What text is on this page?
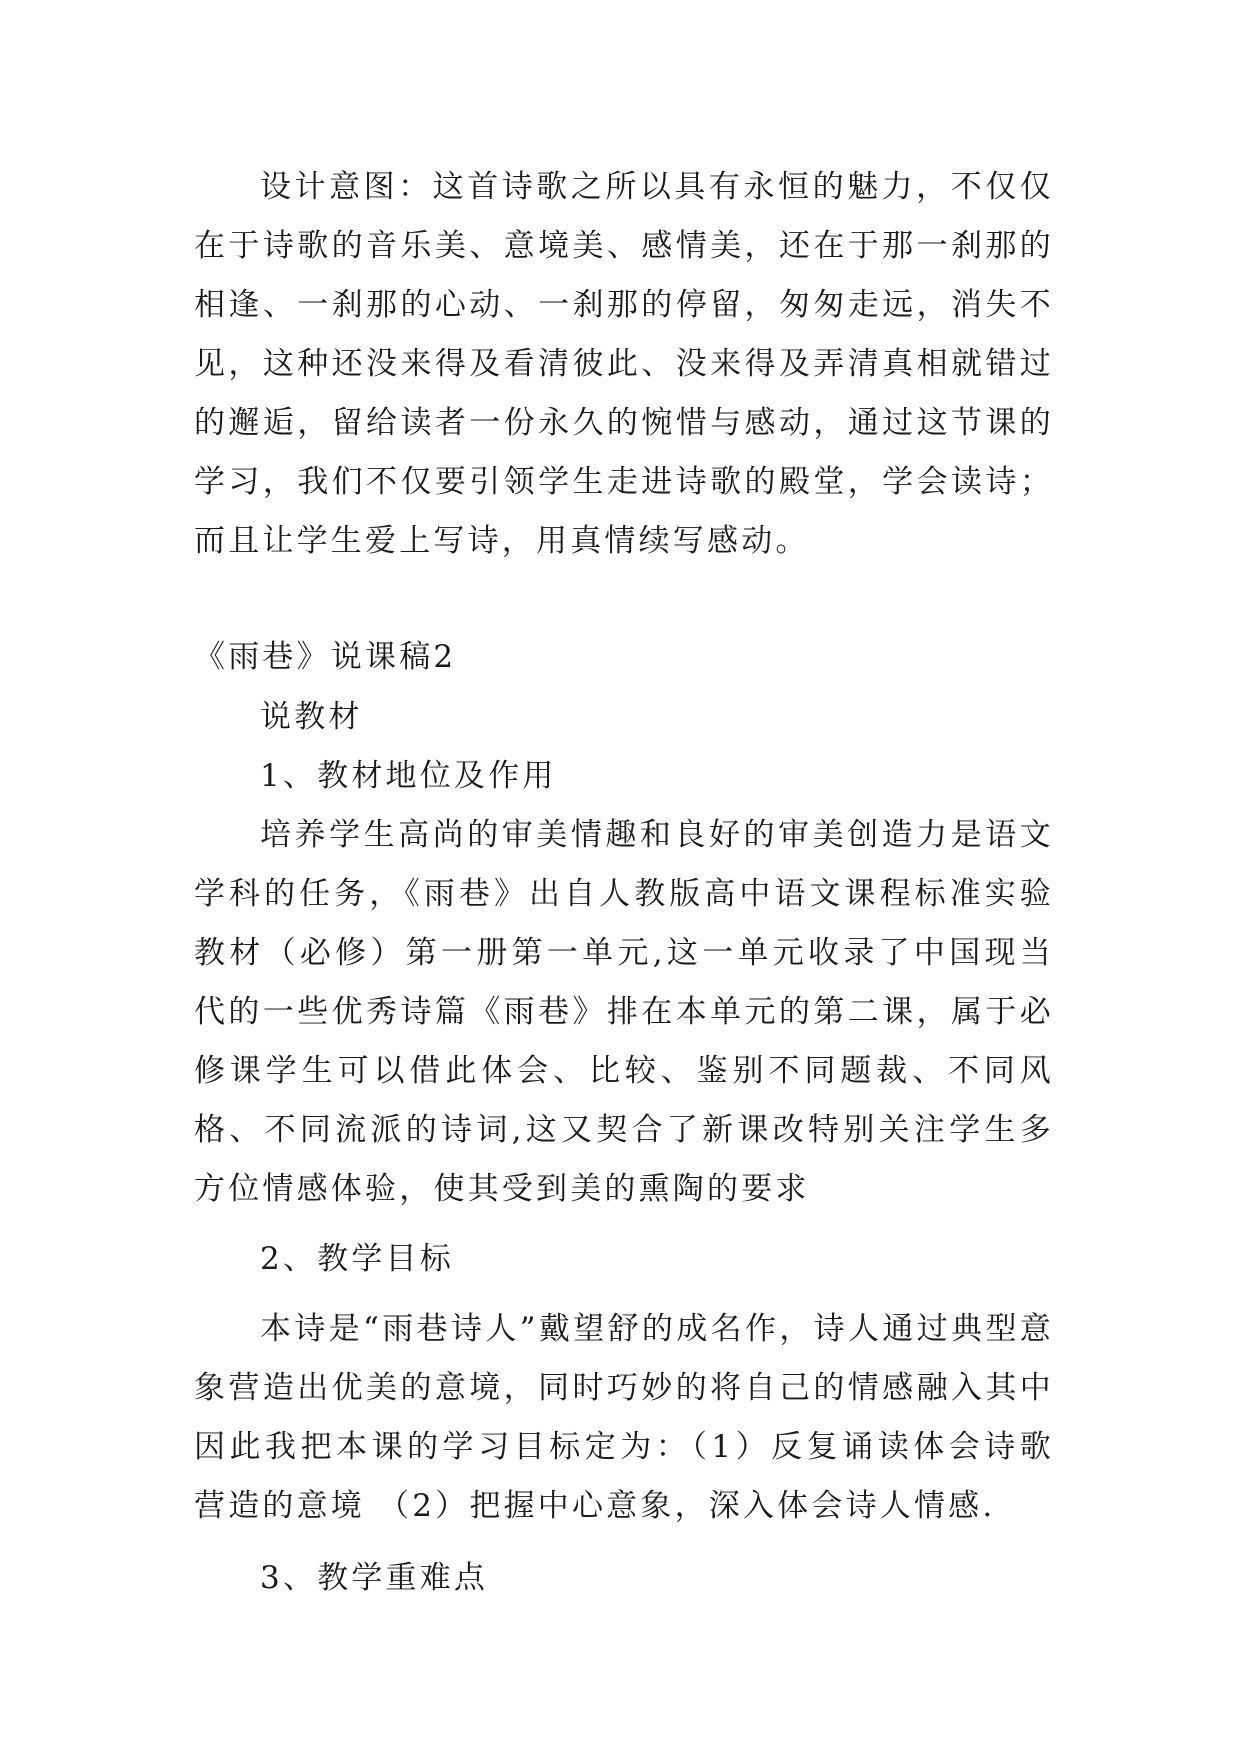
设计意图：这首诗歌之所以具有永恒的魅力，不仅仅在于诗歌的音乐美、意境美、感情美，还在于那一刹那的相逢、一刹那的心动、一刹那的停留，匆匆走远，消失不见，这种还没来得及看清彼此、没来得及弄清真相就错过的邂逅，留给读者一份永久的惋惜与感动，通过这节课的学习，我们不仅要引领学生走进诗歌的殿堂，学会读诗；而且让学生爱上写诗，用真情续写感动。

《雨巷》说课稿2

说教材

1、教材地位及作用

培养学生高尚的审美情趣和良好的审美创造力是语文学科的任务，《雨巷》出自人教版高中语文课程标准实验教材（必修）第一册第一单元,这一单元收录了中国现当代的一些优秀诗篇《雨巷》排在本单元的第二课，属于必修课学生可以借此体会、比较、鉴别不同题裁、不同风格、不同流派的诗词,这又契合了新课改特别关注学生多方位情感体验，使其受到美的熏陶的要求

2、教学目标

本诗是“雨巷诗人”戴望舒的成名作，诗人通过典型意象营造出优美的意境，同时巧妙的将自己的情感融入其中因此我把本课的学习目标定为：（1）反复诵读体会诗歌营造的意境 （2）把握中心意象，深入体会诗人情感.

3、教学重难点
